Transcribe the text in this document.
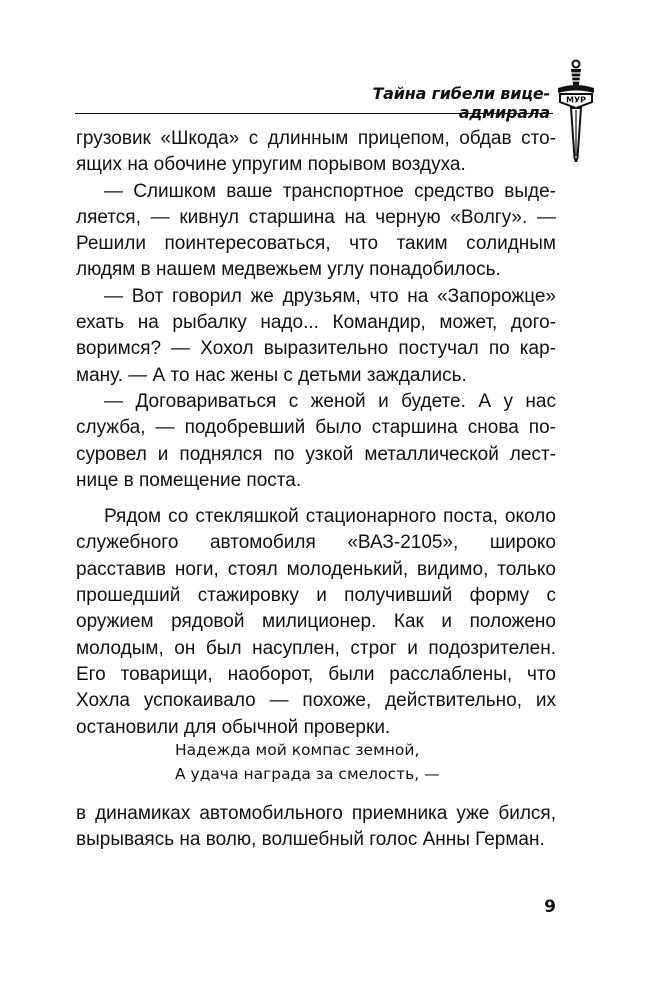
Тайна гибели вице-адмирала
МУР

грузовик «Шкода» с длинным прицепом, обдав стоящих на обочине упругим порывом воздуха.

— Слишком ваше транспортное средство выделяется, — кивнул старшина на черную «Волгу». — Решили поинтересоваться, что таким солидным людям в нашем медвежьем углу понадобилось.

— Вот говорил же друзьям, что на «Запорожце» ехать на рыбалку надо... Командир, может, договоримся? — Хохол выразительно постучал по карману. — А то нас жены с детьми заждались.

— Договариваться с женой и будете. А у нас служба, — подобревший было старшина снова посуровел и поднялся по узкой металлической лестнице в помещение поста.

Рядом со стекляшкой стационарного поста, около служебного автомобиля «ВАЗ-2105», широко расставив ноги, стоял молоденький, видимо, только прошедший стажировку и получивший форму с оружием рядовой милиционер. Как и положено молодым, он был насуплен, строг и подозрителен. Его товарищи, наоборот, были расслаблены, что Хохла успокаивало — похоже, действительно, их остановили для обычной проверки.

Надежда мой компас земной,
А удача награда за смелость, —

в динамиках автомобильного приемника уже бился, вырываясь на волю, волшебный голос Анны Герман.

9
